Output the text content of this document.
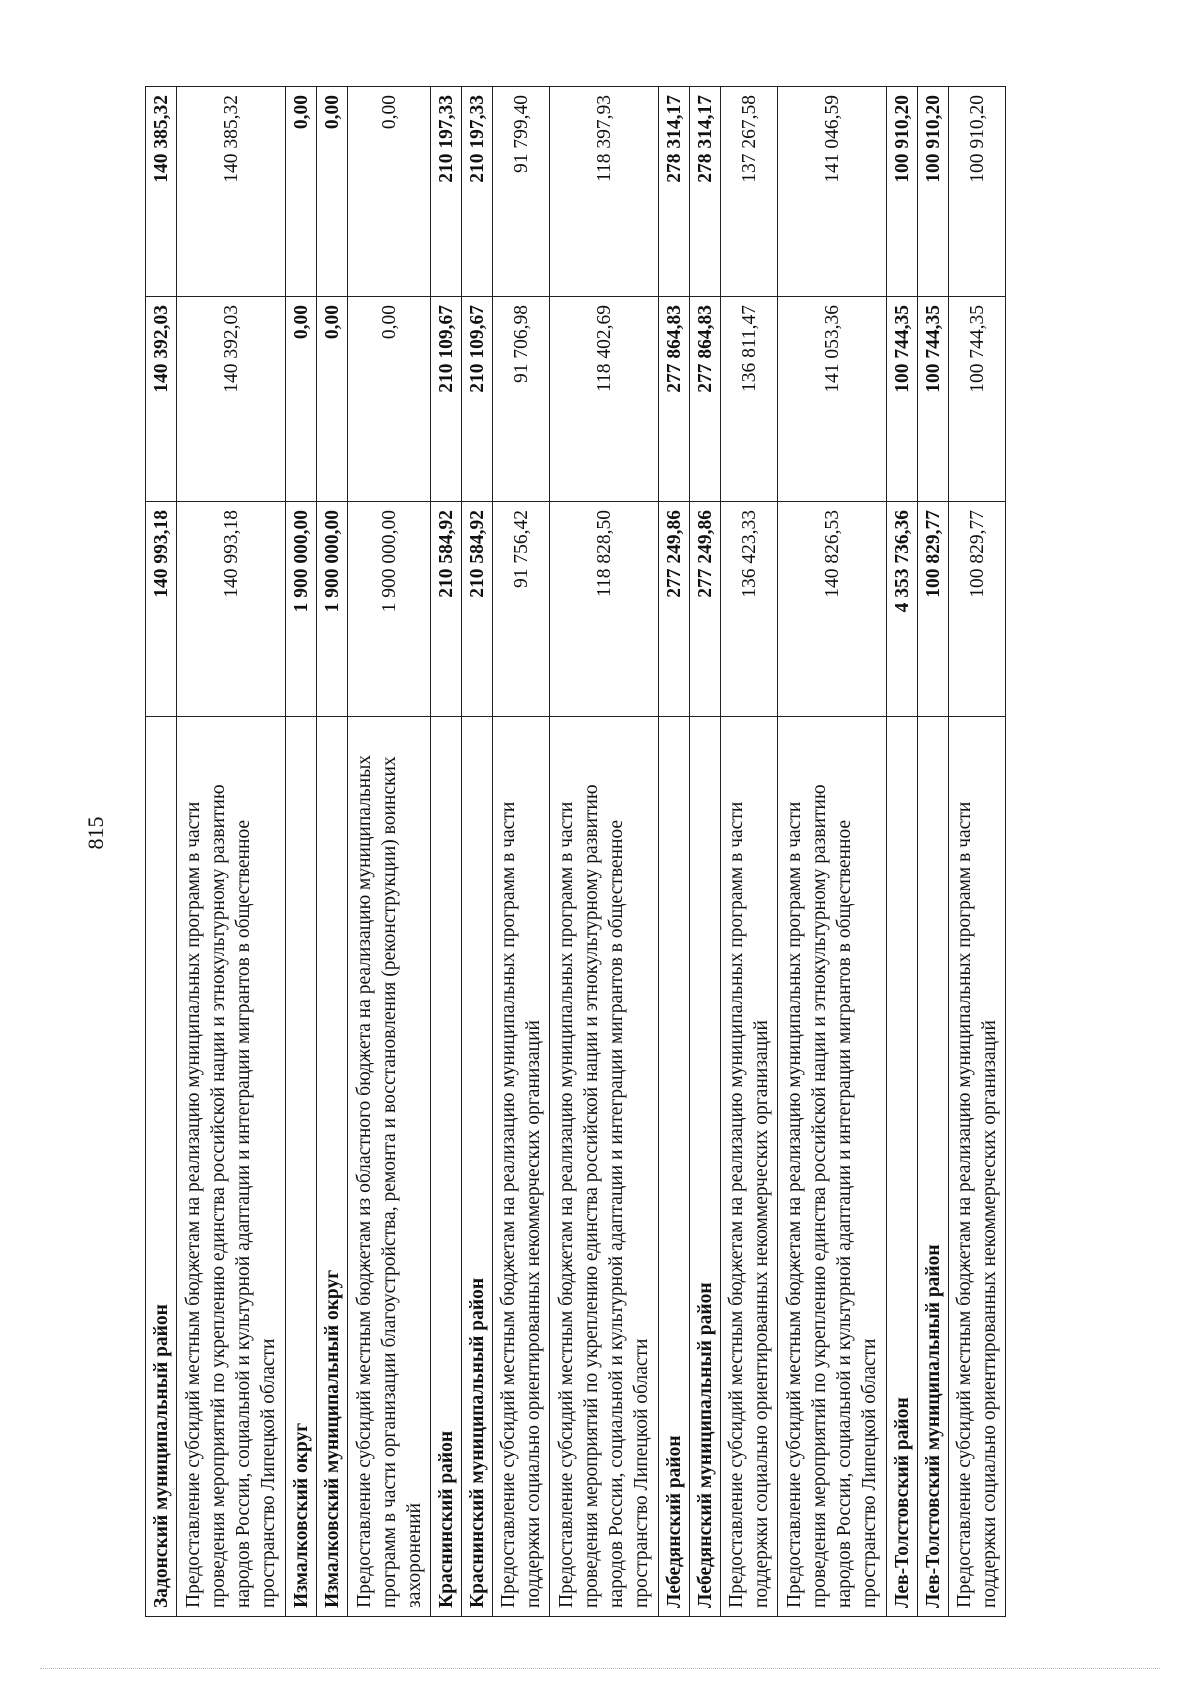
815
Задонский муниципальный район	140 993,18	140 392,03	140 385,32
Предоставление субсидий местным бюджетам на реализацию муниципальных программ в части проведения мероприятий по укреплению единства российской нации и этнокультурному развитию народов России, социальной и культурной адаптации и интеграции мигрантов в общественное пространство Липецкой области	140 993,18	140 392,03	140 385,32
Измалковский округ	1 900 000,00	0,00	0,00
Измалковский муниципальный округ	1 900 000,00	0,00	0,00
Предоставление субсидий местным бюджетам из областного бюджета на реализацию муниципальных программ в части организации благоустройства, ремонта и восстановления (реконструкции) воинских захоронений	1 900 000,00	0,00	0,00
Краснинский район	210 584,92	210 109,67	210 197,33
Краснинский муниципальный район	210 584,92	210 109,67	210 197,33
Предоставление субсидий местным бюджетам на реализацию муниципальных программ в части поддержки социально ориентированных некоммерческих организаций	91 756,42	91 706,98	91 799,40
Предоставление субсидий местным бюджетам на реализацию муниципальных программ в части проведения мероприятий по укреплению единства российской нации и этнокультурному развитию народов России, социальной и культурной адаптации и интеграции мигрантов в общественное пространство Липецкой области	118 828,50	118 402,69	118 397,93
Лебедянский район	277 249,86	277 864,83	278 314,17
Лебедянский муниципальный район	277 249,86	277 864,83	278 314,17
Предоставление субсидий местным бюджетам на реализацию муниципальных программ в части поддержки социально ориентированных некоммерческих организаций	136 423,33	136 811,47	137 267,58
Предоставление субсидий местным бюджетам на реализацию муниципальных программ в части проведения мероприятий по укреплению единства российской нации и этнокультурному развитию народов России, социальной и культурной адаптации и интеграции мигрантов в общественное пространство Липецкой области	140 826,53	141 053,36	141 046,59
Лев-Толстовский район	4 353 736,36	100 744,35	100 910,20
Лев-Толстовский муниципальный район	100 829,77	100 744,35	100 910,20
Предоставление субсидий местным бюджетам на реализацию муниципальных программ в части поддержки социально ориентированных некоммерческих организаций	100 829,77	100 744,35	100 910,20
